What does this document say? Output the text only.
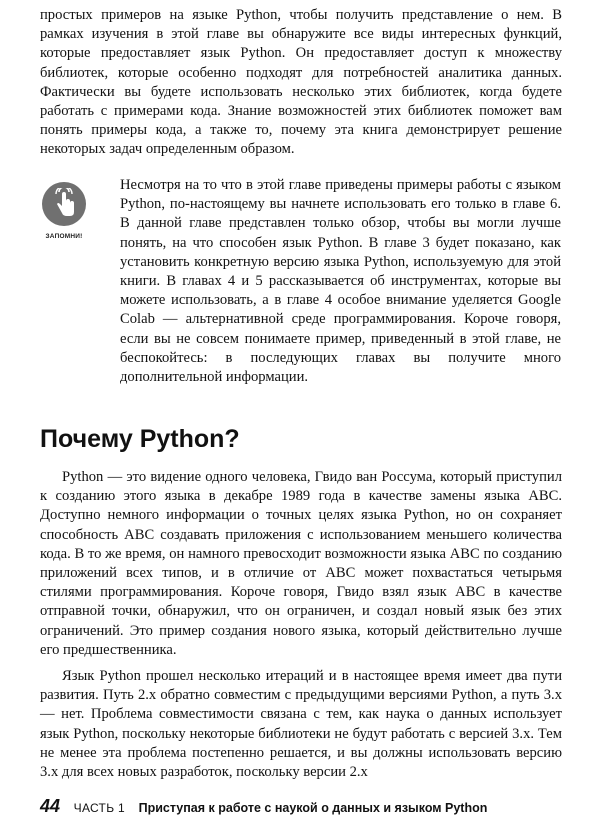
простых примеров на языке Python, чтобы получить представление о нем. В рамках изучения в этой главе вы обнаружите все виды интересных функций, которые предоставляет язык Python. Он предоставляет доступ к множеству библиотек, которые особенно подходят для потребностей аналитика данных. Фактически вы будете использовать несколько этих библиотек, когда будете работать с примерами кода. Знание возможностей этих библиотек поможет вам понять примеры кода, а также то, почему эта книга демонстрирует решение некоторых задач определенным образом.

ЗАПОМНИ!

Несмотря на то что в этой главе приведены примеры работы с языком Python, по-настоящему вы начнете использовать его только в главе 6. В данной главе представлен только обзор, чтобы вы могли лучше понять, на что способен язык Python. В главе 3 будет показано, как установить конкретную версию языка Python, используемую для этой книги. В главах 4 и 5 рассказывается об инструментах, которые вы можете использовать, а в главе 4 особое внимание уделяется Google Colab — альтернативной среде программирования. Короче говоря, если вы не совсем понимаете пример, приведенный в этой главе, не беспокойтесь: в последующих главах вы получите много дополнительной информации.

Почему Python?

Python — это видение одного человека, Гвидо ван Россума, который приступил к созданию этого языка в декабре 1989 года в качестве замены языка ABC. Доступно немного информации о точных целях языка Python, но он сохраняет способность ABC создавать приложения с использованием меньшего количества кода. В то же время, он намного превосходит возможности языка ABC по созданию приложений всех типов, и в отличие от ABC может похвастаться четырьмя стилями программирования. Короче говоря, Гвидо взял язык ABC в качестве отправной точки, обнаружил, что он ограничен, и создал новый язык без этих ограничений. Это пример создания нового языка, который действительно лучше его предшественника.

Язык Python прошел несколько итераций и в настоящее время имеет два пути развития. Путь 2.x обратно совместим с предыдущими версиями Python, а путь 3.x — нет. Проблема совместимости связана с тем, как наука о данных использует язык Python, поскольку некоторые библиотеки не будут работать с версией 3.x. Тем не менее эта проблема постепенно решается, и вы должны использовать версию 3.x для всех новых разработок, поскольку версии 2.x

44 ЧАСТЬ 1 Приступая к работе с наукой о данных и языком Python
